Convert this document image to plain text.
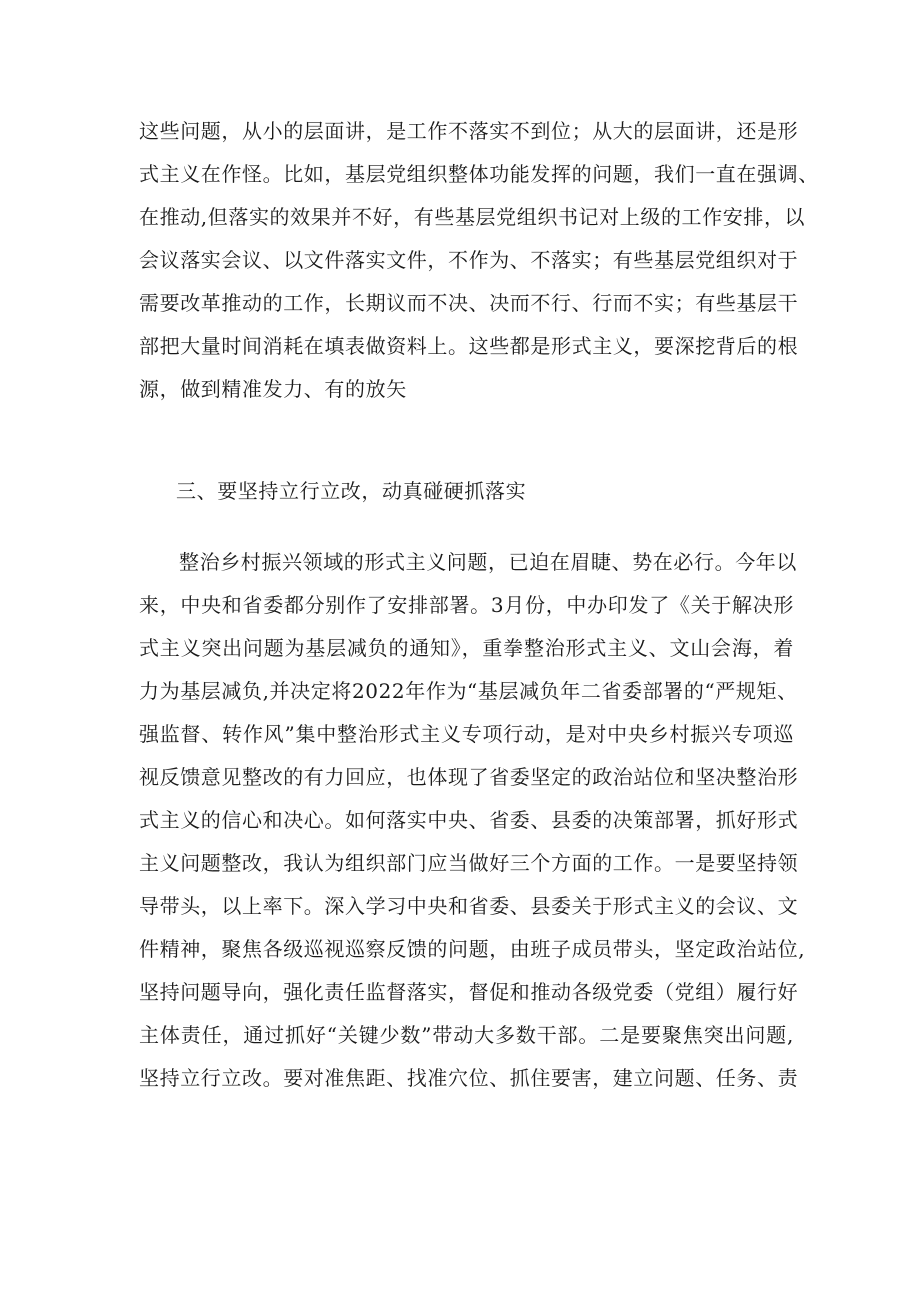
这些问题，从小的层面讲，是工作不落实不到位；从大的层面讲，还是形
式主义在作怪。比如，基层党组织整体功能发挥的问题，我们一直在强调、
在推动,但落实的效果并不好，有些基层党组织书记对上级的工作安排，以
会议落实会议、以文件落实文件，不作为、不落实；有些基层党组织对于
需要改革推动的工作，长期议而不决、决而不行、行而不实；有些基层干
部把大量时间消耗在填表做资料上。这些都是形式主义，要深挖背后的根
源，做到精准发力、有的放矢
三、要坚持立行立改，动真碰硬抓落实
整治乡村振兴领域的形式主义问题，已迫在眉睫、势在必行。今年以
来，中央和省委都分别作了安排部署。3月份，中办印发了《关于解决形
式主义突出问题为基层减负的通知》，重拳整治形式主义、文山会海，着
力为基层减负,并决定将2022年作为“基层减负年二省委部署的“严规矩、
强监督、转作风”集中整治形式主义专项行动，是对中央乡村振兴专项巡
视反馈意见整改的有力回应，也体现了省委坚定的政治站位和坚决整治形
式主义的信心和决心。如何落实中央、省委、县委的决策部署，抓好形式
主义问题整改，我认为组织部门应当做好三个方面的工作。一是要坚持领
导带头，以上率下。深入学习中央和省委、县委关于形式主义的会议、文
件精神，聚焦各级巡视巡察反馈的问题，由班子成员带头，坚定政治站位,
坚持问题导向，强化责任监督落实，督促和推动各级党委（党组）履行好
主体责任，通过抓好“关键少数”带动大多数干部。二是要聚焦突出问题,
坚持立行立改。要对准焦距、找准穴位、抓住要害，建立问题、任务、责
